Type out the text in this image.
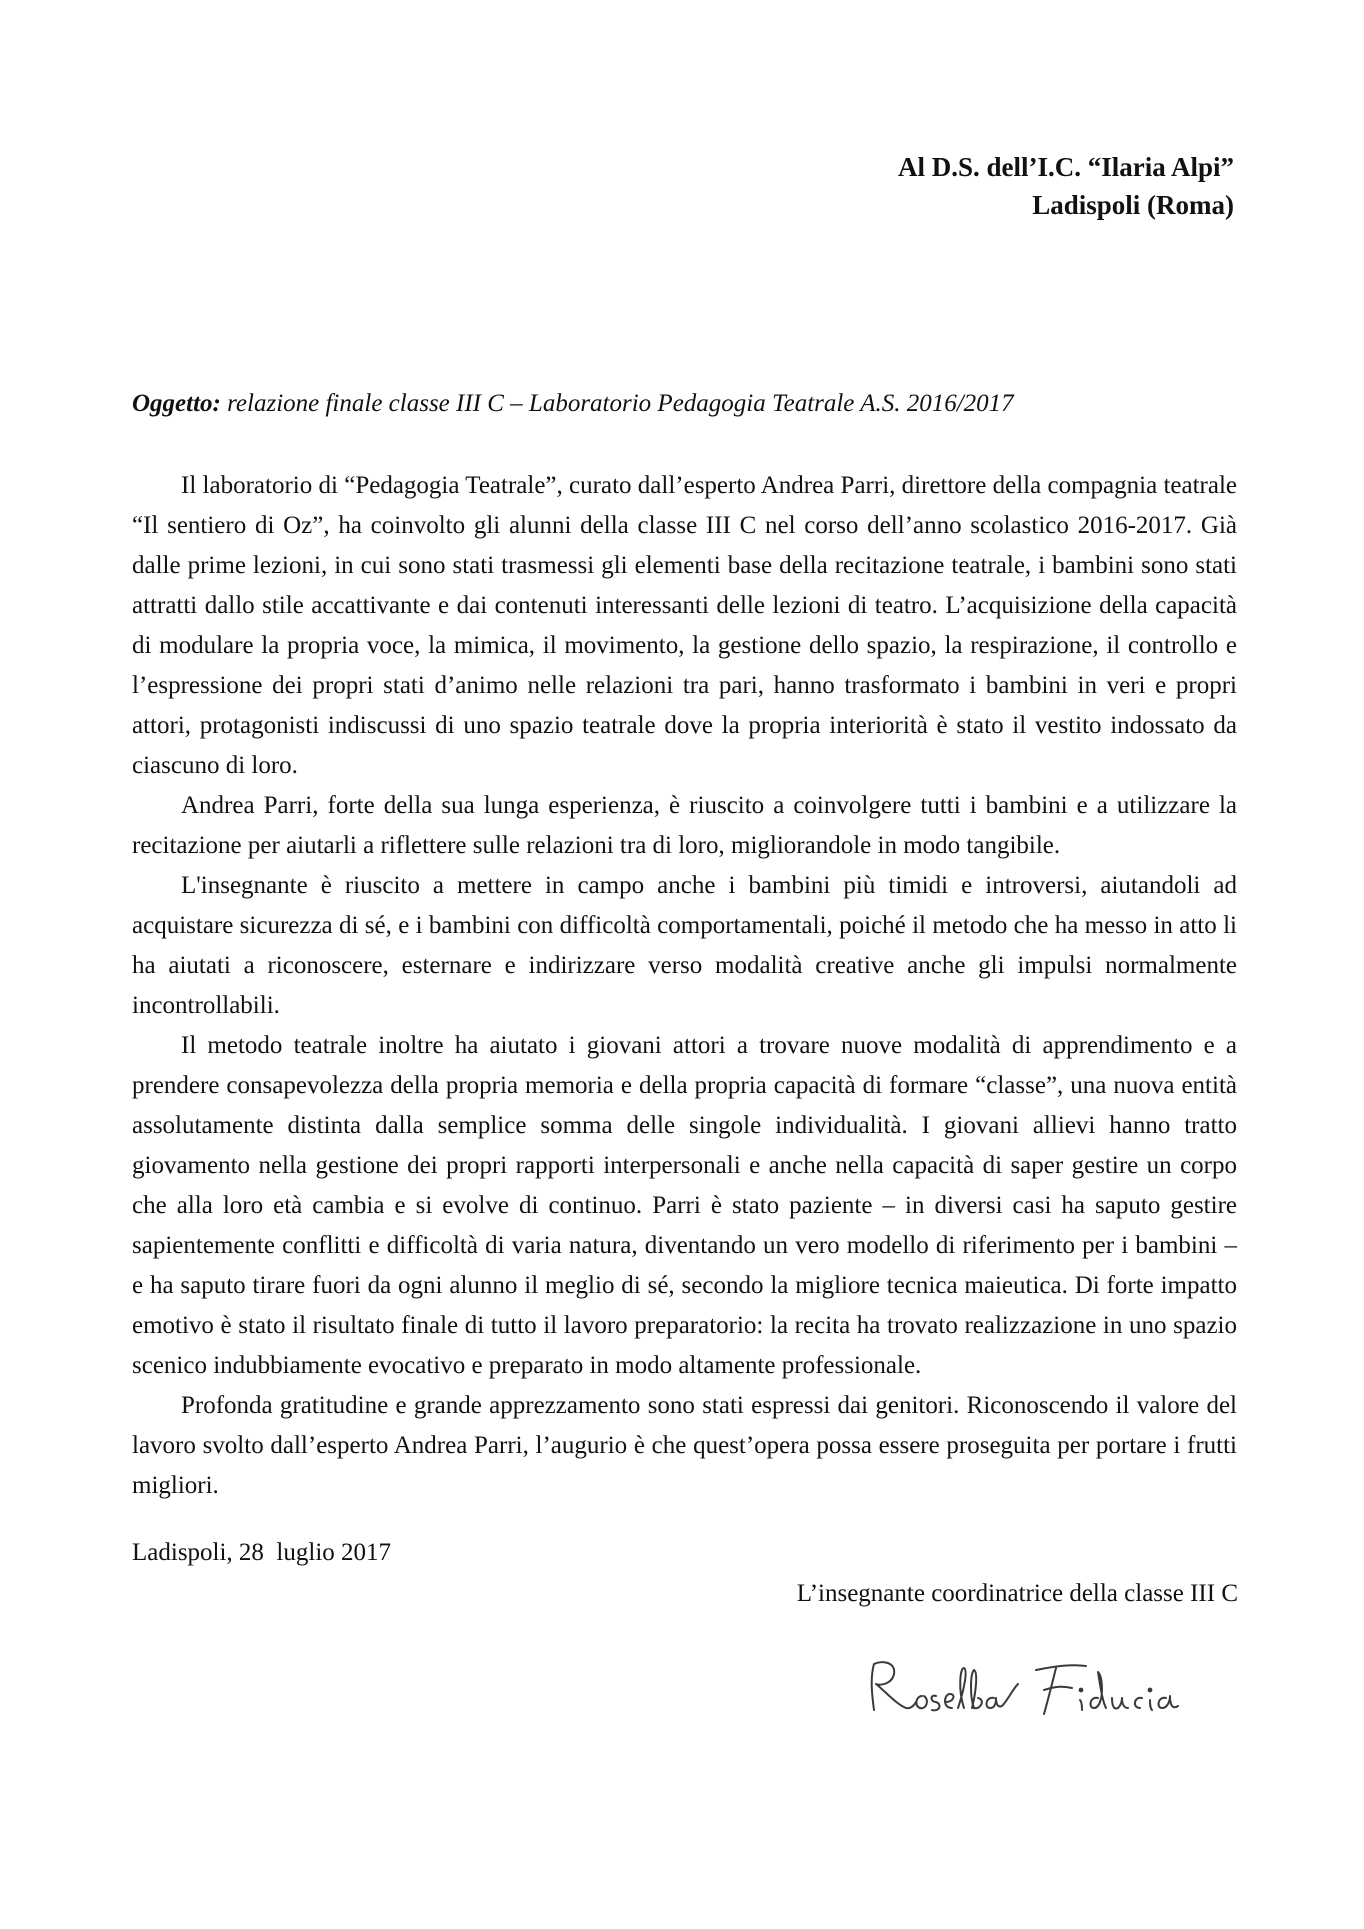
Al D.S. dell’I.C. “Ilaria Alpi”
Ladispoli (Roma)
Oggetto: relazione finale classe III C – Laboratorio Pedagogia Teatrale A.S. 2016/2017

Il laboratorio di “Pedagogia Teatrale”, curato dall’esperto Andrea Parri, direttore della compagnia teatrale “Il sentiero di Oz”, ha coinvolto gli alunni della classe III C nel corso dell’anno scolastico 2016-2017. Già dalle prime lezioni, in cui sono stati trasmessi gli elementi base della recitazione teatrale, i bambini sono stati attratti dallo stile accattivante e dai contenuti interessanti delle lezioni di teatro. L’acquisizione della capacità di modulare la propria voce, la mimica, il movimento, la gestione dello spazio, la respirazione, il controllo e l’espressione dei propri stati d’animo nelle relazioni tra pari, hanno trasformato i bambini in veri e propri attori, protagonisti indiscussi di uno spazio teatrale dove la propria interiorità è stato il vestito indossato da ciascuno di loro.

Andrea Parri, forte della sua lunga esperienza, è riuscito a coinvolgere tutti i bambini e a utilizzare la recitazione per aiutarli a riflettere sulle relazioni tra di loro, migliorandole in modo tangibile.

L'insegnante è riuscito a mettere in campo anche i bambini più timidi e introversi, aiutandoli ad acquistare sicurezza di sé, e i bambini con difficoltà comportamentali, poiché il metodo che ha messo in atto li ha aiutati a riconoscere, esternare e indirizzare verso modalità creative anche gli impulsi normalmente incontrollabili.

Il metodo teatrale inoltre ha aiutato i giovani attori a trovare nuove modalità di apprendimento e a prendere consapevolezza della propria memoria e della propria capacità di formare “classe”, una nuova entità assolutamente distinta dalla semplice somma delle singole individualità. I giovani allievi hanno tratto giovamento nella gestione dei propri rapporti interpersonali e anche nella capacità di saper gestire un corpo che alla loro età cambia e si evolve di continuo. Parri è stato paziente – in diversi casi ha saputo gestire sapientemente conflitti e difficoltà di varia natura, diventando un vero modello di riferimento per i bambini – e ha saputo tirare fuori da ogni alunno il meglio di sé, secondo la migliore tecnica maieutica. Di forte impatto emotivo è stato il risultato finale di tutto il lavoro preparatorio: la recita ha trovato realizzazione in uno spazio scenico indubbiamente evocativo e preparato in modo altamente professionale.

Profonda gratitudine e grande apprezzamento sono stati espressi dai genitori. Riconoscendo il valore del lavoro svolto dall’esperto Andrea Parri, l’augurio è che quest’opera possa essere proseguita per portare i frutti migliori.

Ladispoli, 28  luglio 2017
L’insegnante coordinatrice della classe III C
